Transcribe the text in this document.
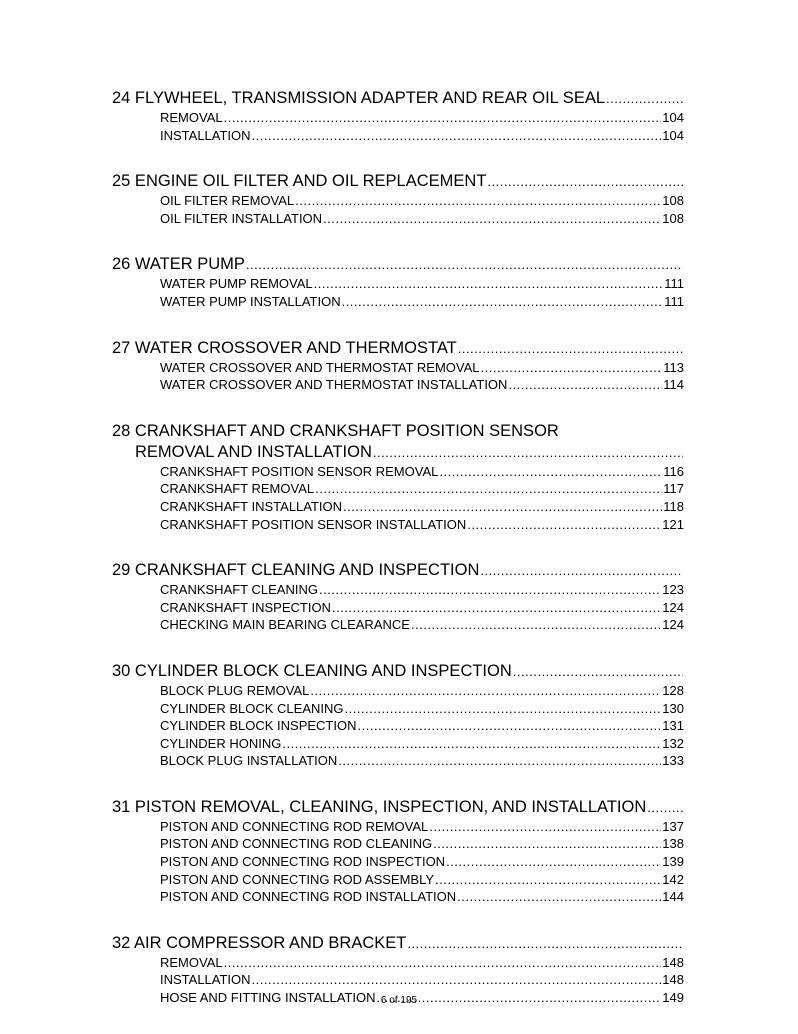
24 FLYWHEEL, TRANSMISSION ADAPTER AND REAR OIL SEAL
.....
REMOVAL .....	104
INSTALLATION .....	104
25 ENGINE OIL FILTER AND OIL REPLACEMENT
.....
OIL FILTER REMOVAL .....	108
OIL FILTER INSTALLATION .....	108
26 WATER PUMP
.....
WATER PUMP REMOVAL .....	111
WATER PUMP INSTALLATION .....	111
27 WATER CROSSOVER AND THERMOSTAT
.....
WATER CROSSOVER AND THERMOSTAT REMOVAL .....	113
WATER CROSSOVER AND THERMOSTAT INSTALLATION .....	114
28 CRANKSHAFT AND CRANKSHAFT POSITION SENSOR
REMOVAL AND INSTALLATION
.....
CRANKSHAFT POSITION SENSOR REMOVAL .....	116
CRANKSHAFT REMOVAL .....	117
CRANKSHAFT INSTALLATION .....	118
CRANKSHAFT POSITION SENSOR INSTALLATION .....	121
29 CRANKSHAFT CLEANING AND INSPECTION
.....
CRANKSHAFT CLEANING .....	123
CRANKSHAFT INSPECTION .....	124
CHECKING MAIN BEARING CLEARANCE .....	124
30 CYLINDER BLOCK CLEANING AND INSPECTION
.....
BLOCK PLUG REMOVAL .....	128
CYLINDER BLOCK CLEANING .....	130
CYLINDER BLOCK INSPECTION .....	131
CYLINDER HONING .....	132
BLOCK PLUG INSTALLATION .....	133
31 PISTON REMOVAL, CLEANING, INSPECTION, AND INSTALLATION
.....
PISTON AND CONNECTING ROD REMOVAL .....	137
PISTON AND CONNECTING ROD CLEANING .....	138
PISTON AND CONNECTING ROD INSPECTION .....	139
PISTON AND CONNECTING ROD ASSEMBLY .....	142
PISTON AND CONNECTING ROD INSTALLATION .....	144
32 AIR COMPRESSOR AND BRACKET
.....
REMOVAL .....	148
INSTALLATION .....	148
HOSE AND FITTING INSTALLATION .....	149
6 of 195
